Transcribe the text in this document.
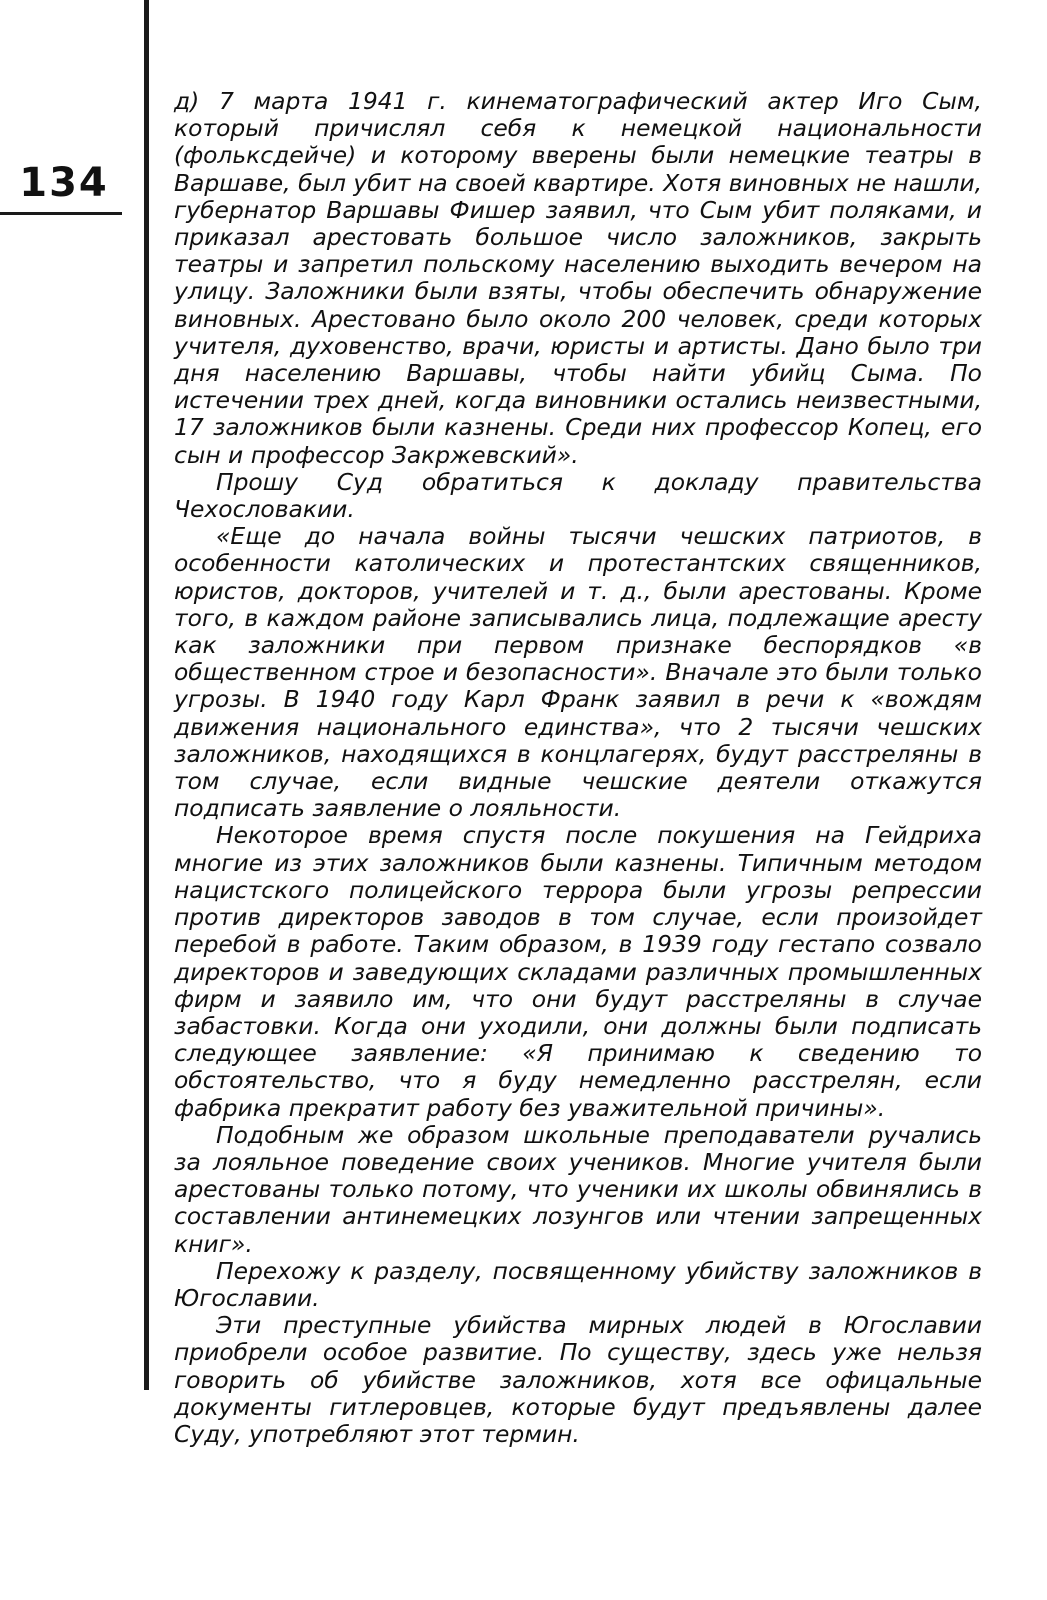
134

д) 7 марта 1941 г. кинематографический актер Иго Сым, который причислял себя к немецкой национальности (фольксдейче) и которому вверены были немецкие театры в Варшаве, был убит на своей квартире. Хотя виновных не нашли, губернатор Варшавы Фишер заявил, что Сым убит поляками, и приказал арестовать большое число заложников, закрыть театры и запретил польскому населению выходить вечером на улицу. Заложники были взяты, чтобы обеспечить обнаружение виновных. Арестовано было около 200 человек, среди которых учителя, духовенство, врачи, юристы и артисты. Дано было три дня населению Варшавы, чтобы найти убийц Сыма. По истечении трех дней, когда виновники остались неизвестными, 17 заложников были казнены. Среди них профессор Копец, его сын и профессор Закржевский».

Прошу Суд обратиться к докладу правительства Чехословакии.

«Еще до начала войны тысячи чешских патриотов, в особенности католических и протестантских священников, юристов, докторов, учителей и т. д., были арестованы. Кроме того, в каждом районе записывались лица, подлежащие аресту как заложники при первом признаке беспорядков «в общественном строе и безопасности». Вначале это были только угрозы. В 1940 году Карл Франк заявил в речи к «вождям движения национального единства», что 2 тысячи чешских заложников, находящихся в концлагерях, будут расстреляны в том случае, если видные чешские деятели откажутся подписать заявление о лояльности.

Некоторое время спустя после покушения на Гейдриха многие из этих заложников были казнены. Типичным методом нацистского полицейского террора были угрозы репрессии против директоров заводов в том случае, если произойдет перебой в работе. Таким образом, в 1939 году гестапо созвало директоров и заведующих складами различных промышленных фирм и заявило им, что они будут расстреляны в случае забастовки. Когда они уходили, они должны были подписать следующее заявление: «Я принимаю к сведению то обстоятельство, что я буду немедленно расстрелян, если фабрика прекратит работу без уважительной причины».

Подобным же образом школьные преподаватели ручались за лояльное поведение своих учеников. Многие учителя были арестованы только потому, что ученики их школы обвинялись в составлении антинемецких лозунгов или чтении запрещенных книг».

Перехожу к разделу, посвященному убийству заложников в Югославии.

Эти преступные убийства мирных людей в Югославии приобрели особое развитие. По существу, здесь уже нельзя говорить об убийстве заложников, хотя все офицальные документы гитлеровцев, которые будут предъявлены далее Суду, употребляют этот термин.
